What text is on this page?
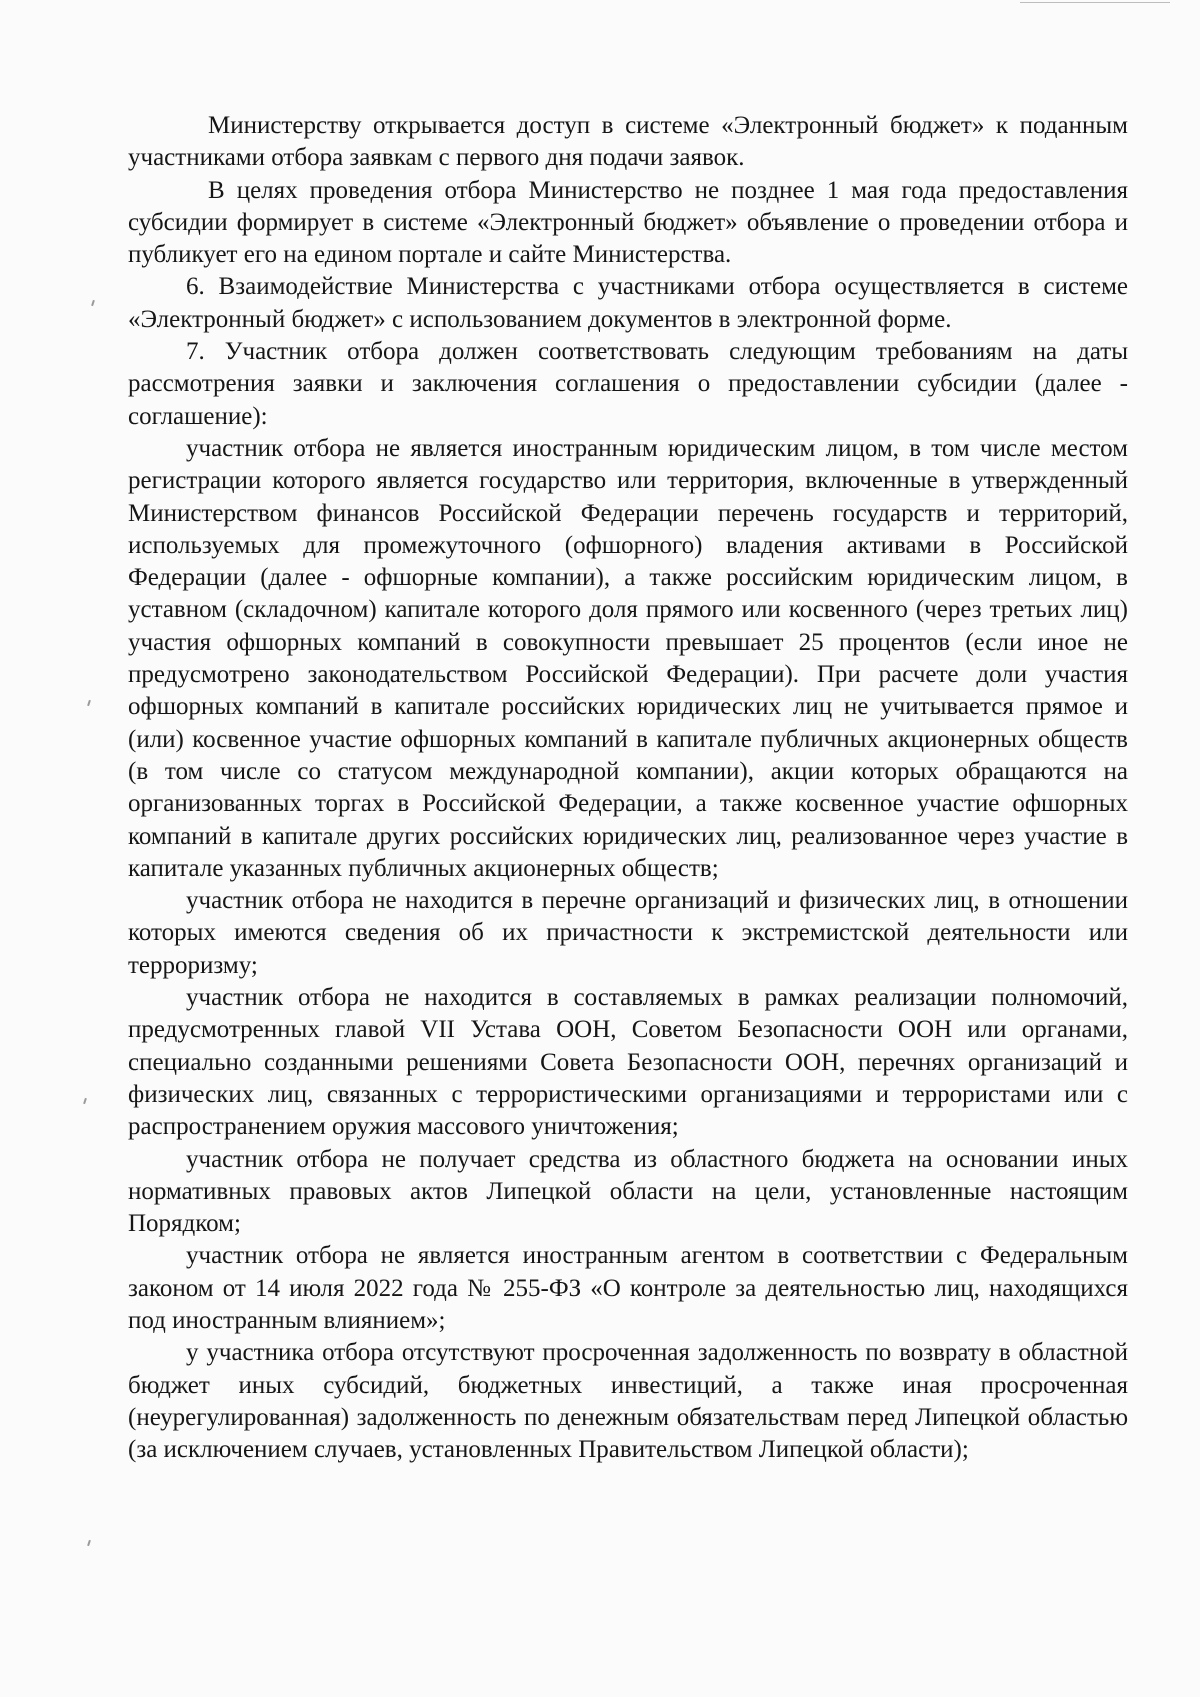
Министерству открывается доступ в системе «Электронный бюджет» к поданным участниками отбора заявкам с первого дня подачи заявок.

В целях проведения отбора Министерство не позднее 1 мая года предоставления субсидии формирует в системе «Электронный бюджет» объявление о проведении отбора и публикует его на едином портале и сайте Министерства.

6. Взаимодействие Министерства с участниками отбора осуществляется в системе «Электронный бюджет» с использованием документов в электронной форме.

7. Участник отбора должен соответствовать следующим требованиям на даты рассмотрения заявки и заключения соглашения о предоставлении субсидии (далее - соглашение):

участник отбора не является иностранным юридическим лицом, в том числе местом регистрации которого является государство или территория, включенные в утвержденный Министерством финансов Российской Федерации перечень государств и территорий, используемых для промежуточного (офшорного) владения активами в Российской Федерации (далее - офшорные компании), а также российским юридическим лицом, в уставном (складочном) капитале которого доля прямого или косвенного (через третьих лиц) участия офшорных компаний в совокупности превышает 25 процентов (если иное не предусмотрено законодательством Российской Федерации). При расчете доли участия офшорных компаний в капитале российских юридических лиц не учитывается прямое и (или) косвенное участие офшорных компаний в капитале публичных акционерных обществ (в том числе со статусом международной компании), акции которых обращаются на организованных торгах в Российской Федерации, а также косвенное участие офшорных компаний в капитале других российских юридических лиц, реализованное через участие в капитале указанных публичных акционерных обществ;

участник отбора не находится в перечне организаций и физических лиц, в отношении которых имеются сведения об их причастности к экстремистской деятельности или терроризму;

участник отбора не находится в составляемых в рамках реализации полномочий, предусмотренных главой VII Устава ООН, Советом Безопасности ООН или органами, специально созданными решениями Совета Безопасности ООН, перечнях организаций и физических лиц, связанных с террористическими организациями и террористами или с распространением оружия массового уничтожения;

участник отбора не получает средства из областного бюджета на основании иных нормативных правовых актов Липецкой области на цели, установленные настоящим Порядком;

участник отбора не является иностранным агентом в соответствии с Федеральным законом от 14 июля 2022 года № 255-ФЗ «О контроле за деятельностью лиц, находящихся под иностранным влиянием»;

у участника отбора отсутствуют просроченная задолженность по возврату в областной бюджет иных субсидий, бюджетных инвестиций, а также иная просроченная (неурегулированная) задолженность по денежным обязательствам перед Липецкой областью (за исключением случаев, установленных Правительством Липецкой области);
